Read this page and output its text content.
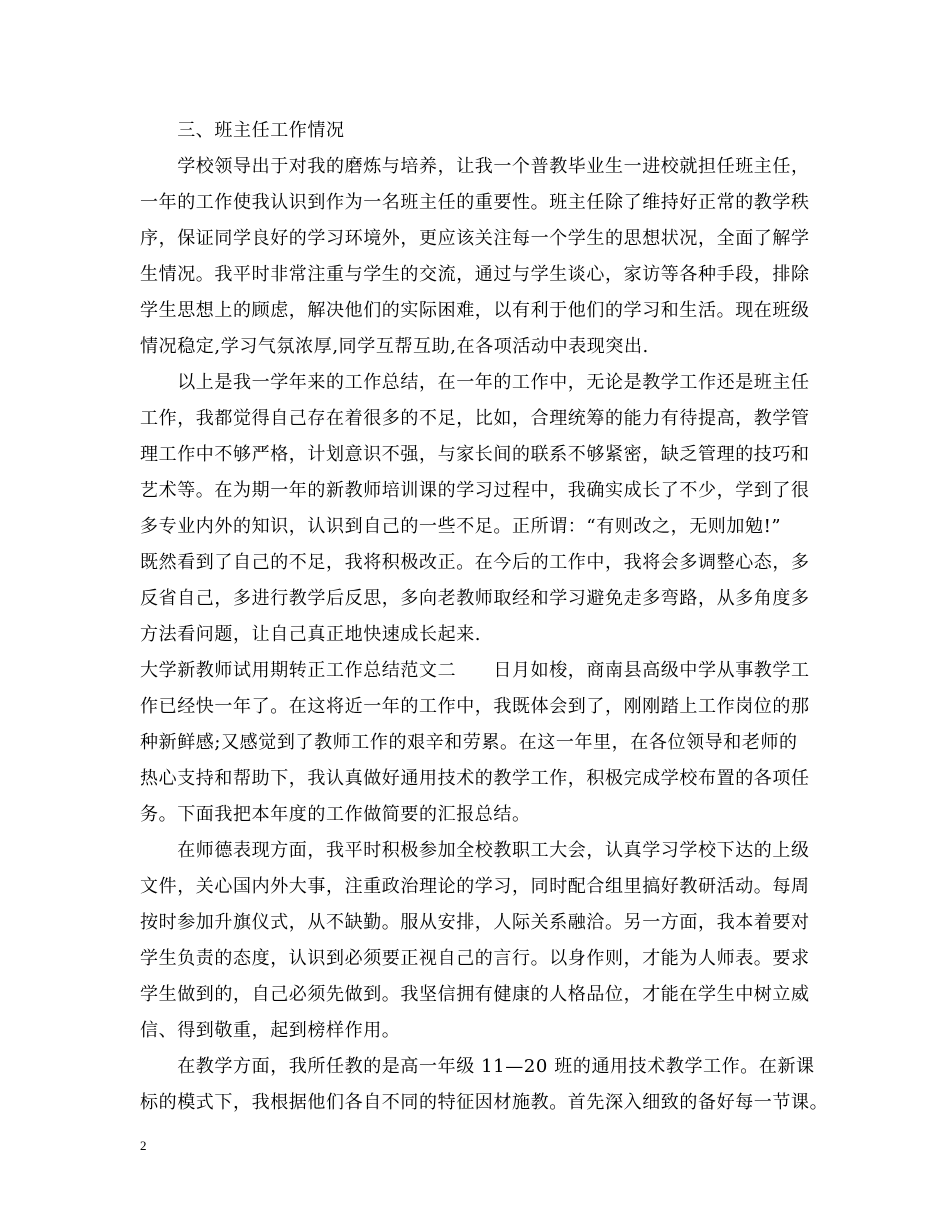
　　三、班主任工作情况
　　学校领导出于对我的磨炼与培养，让我一个普教毕业生一进校就担任班主任，
一年的工作使我认识到作为一名班主任的重要性。班主任除了维持好正常的教学秩
序，保证同学良好的学习环境外，更应该关注每一个学生的思想状况，全面了解学
生情况。我平时非常注重与学生的交流，通过与学生谈心，家访等各种手段，排除
学生思想上的顾虑，解决他们的实际困难，以有利于他们的学习和生活。现在班级
情况稳定,学习气氛浓厚,同学互帮互助,在各项活动中表现突出.
　　以上是我一学年来的工作总结，在一年的工作中，无论是教学工作还是班主任
工作，我都觉得自己存在着很多的不足，比如，合理统筹的能力有待提高，教学管
理工作中不够严格，计划意识不强，与家长间的联系不够紧密，缺乏管理的技巧和
艺术等。在为期一年的新教师培训课的学习过程中，我确实成长了不少，学到了很
多专业内外的知识，认识到自己的一些不足。正所谓：“有则改之，无则加勉!”
既然看到了自己的不足，我将积极改正。在今后的工作中，我将会多调整心态，多
反省自己，多进行教学后反思，多向老教师取经和学习避免走多弯路，从多角度多
方法看问题，让自己真正地快速成长起来.
大学新教师试用期转正工作总结范文二　　日月如梭，商南县高级中学从事教学工
作已经快一年了。在这将近一年的工作中，我既体会到了，刚刚踏上工作岗位的那
种新鲜感;又感觉到了教师工作的艰辛和劳累。在这一年里，在各位领导和老师的
热心支持和帮助下，我认真做好通用技术的教学工作，积极完成学校布置的各项任
务。下面我把本年度的工作做简要的汇报总结。
　　在师德表现方面，我平时积极参加全校教职工大会，认真学习学校下达的上级
文件，关心国内外大事，注重政治理论的学习，同时配合组里搞好教研活动。每周
按时参加升旗仪式，从不缺勤。服从安排，人际关系融洽。另一方面，我本着要对
学生负责的态度，认识到必须要正视自己的言行。以身作则，才能为人师表。要求
学生做到的，自己必须先做到。我坚信拥有健康的人格品位，才能在学生中树立威
信、得到敬重，起到榜样作用。
　　在教学方面，我所任教的是高一年级 11—20 班的通用技术教学工作。在新课
标的模式下，我根据他们各自不同的特征因材施教。首先深入细致的备好每一节课。
2
